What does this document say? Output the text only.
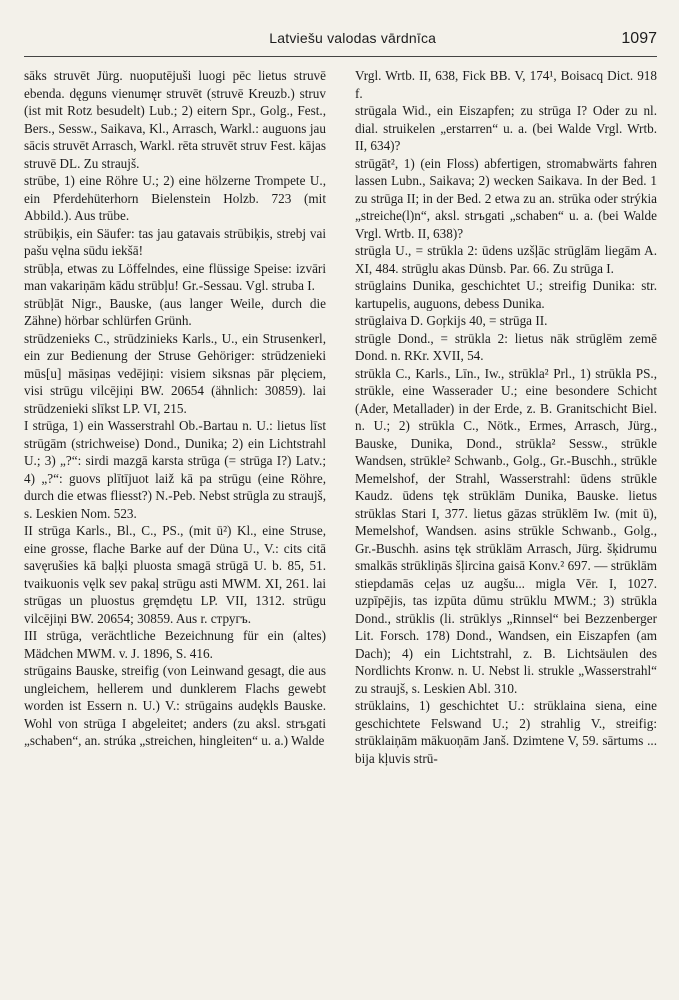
Latviešu valodas vārdnīca	1097

sāks struvēt Jürg. nuoputējuši luogi pēc lietus struvē ebenda. dęguns vienumęr struvēt (struvē Kreuzb.) struv (ist mit Rotz besudelt) Lub.; 2) eitern Spr., Golg., Fest., Bers., Sessw., Saikava, Kl., Arrasch, Warkl.: auguons jau sācis struvēt Arrasch, Warkl. rēta struvēt struv Fest. kājas struvē DL. Zu straujš.

strūbe, 1) eine Röhre U.; 2) eine hölzerne Trompete U., ein Pferdehüterhorn Bielenstein Holzb. 723 (mit Abbild.). Aus trūbe.

strūbiķis, ein Säufer: tas jau gatavais strūbiķis, strebj vai pašu vęlna sūdu iekšā!

strūbļa, etwas zu Löffelndes, eine flüssige Speise: izvāri man vakariņām kādu strūbļu! Gr.-Sessau. Vgl. struba I.

strūbļāt Nigr., Bauske, (aus langer Weile, durch die Zähne) hörbar schlürfen Grünh.

strūdzenieks C., strūdzinieks Karls., U., ein Strusenkerl, ein zur Bedienung der Struse Gehöriger: strūdzenieki mūs[u] māsiņas vedējiņi: visiem siksnas pār plęciem, visi strūgu vilcējiņi BW. 20654 (ähnlich: 30859). lai strūdzenieki slīkst LP. VI, 215.

I strūga, 1) ein Wasserstrahl Ob.-Bartau n. U.: lietus līst strūgām (strichweise) Dond., Dunika; 2) ein Lichtstrahl U.; 3) „?“: sirdi mazgā karsta strūga (= strūga I?) Latv.; 4) „?“: guovs plītījuot laiž kā pa strūgu (eine Röhre, durch die etwas fliesst?) N.-Peb. Nebst strūgla zu straujš, s. Leskien Nom. 523.

II strūga Karls., Bl., C., PS., (mit ū²) Kl., eine Struse, eine grosse, flache Barke auf der Düna U., V.: cits citā savęrušies kā baļķi pluosta smagā strūgā U. b. 85, 51. tvaikuonis vęlk sev pakaļ strūgu asti MWM. XI, 261. lai strūgas un pluostus gręmdętu LP. VII, 1312. strūgu vilcējiņi BW. 20654; 30859. Aus r. стругъ.

III strūga, verächtliche Bezeichnung für ein (altes) Mädchen MWM. v. J. 1896, S. 416.

strūgains Bauske, streifig (von Leinwand gesagt, die aus ungleichem, hellerem und dunklerem Flachs gewebt worden ist Essern n. U.) V.: strūgains audękls Bauske. Wohl von strūga I abgeleitet; anders (zu aksl. strъgati „schaben“, an. strúka „streichen, hingleiten“ u. a.) Walde

Vrgl. Wrtb. II, 638, Fick BB. V, 174¹, Boisacq Dict. 918 f.

strūgala Wid., ein Eiszapfen; zu strūga I? Oder zu nl. dial. struikelen „erstarren“ u. a. (bei Walde Vrgl. Wrtb. II, 634)?

strūgāt², 1) (ein Floss) abfertigen, stromabwärts fahren lassen Lubn., Saikava; 2) wecken Saikava. In der Bed. 1 zu strūga II; in der Bed. 2 etwa zu an. strūka oder strýkia „streiche(l)n“, aksl. strъgati „schaben“ u. a. (bei Walde Vrgl. Wrtb. II, 638)?

strūgla U., = strūkla 2: ūdens uzšļāc strūglām liegām A. XI, 484. strūglu akas Dünsb. Par. 66. Zu strūga I.

strūglains Dunika, geschichtet U.; streifig Dunika: str. kartupelis, auguons, debess Dunika.

strūglaiva D. Goŗkijs 40, = strūga II.

strūgle Dond., = strūkla 2: lietus nāk strūglēm zemē Dond. n. RKr. XVII, 54.

strūkla C., Karls., Līn., Iw., strūkla² Prl., 1) strūkla PS., strūkle, eine Wasserader U.; eine besondere Schicht (Ader, Metallader) in der Erde, z. B. Granitschicht Biel. n. U.; 2) strūkla C., Nötk., Ermes, Arrasch, Jürg., Bauske, Dunika, Dond., strūkla² Sessw., strūkle Wandsen, strūkle² Schwanb., Golg., Gr.-Buschh., strūkle Memelshof, der Strahl, Wasserstrahl: ūdens strūkle Kaudz. ūdens tęk strūklām Dunika, Bauske. lietus strūklas Stari I, 377. lietus gāzas strūklēm Iw. (mit ū), Memelshof, Wandsen. asins strūkle Schwanb., Golg., Gr.-Buschh. asins tęk strūklām Arrasch, Jürg. šķidrumu smalkās strūkliņās šļircina gaisā Konv.² 697. — strūklām stiepdamās ceļas uz augšu... migla Vēr. I, 1027. uzpīpējis, tas izpūta dūmu strūklu MWM.; 3) strūkla Dond., strūklis (li. strūklys „Rinnsel“ bei Bezzenberger Lit. Forsch. 178) Dond., Wandsen, ein Eiszapfen (am Dach); 4) ein Lichtstrahl, z. B. Lichtsäulen des Nordlichts Kronw. n. U. Nebst li. strukle „Wasserstrahl“ zu straujš, s. Leskien Abl. 310.

strūklains, 1) geschichtet U.: strūklaina siena, eine geschichtete Felswand U.; 2) strahlig V., streifig: strūklaiņām mākuoņām Janš. Dzimtene V, 59. sārtums ... bija kļuvis strū-
